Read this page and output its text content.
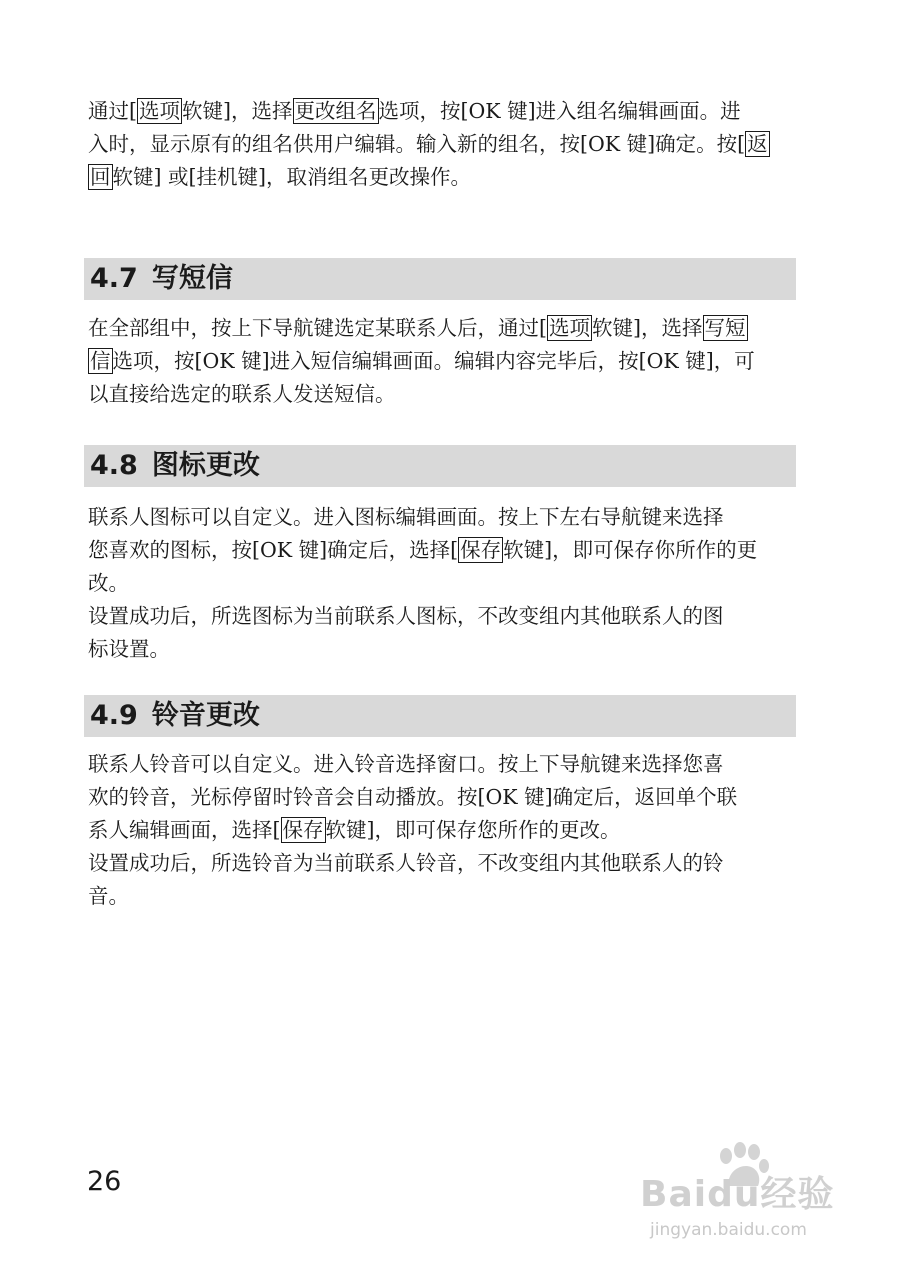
通过[选项软键]，选择更改组名选项，按[OK 键]进入组名编辑画面。进
入时，显示原有的组名供用户编辑。输入新的组名，按[OK 键]确定。按[返
回软键] 或[挂机键]，取消组名更改操作。
4.7 写短信
在全部组中，按上下导航键选定某联系人后，通过[选项软键]，选择写短
信选项，按[OK 键]进入短信编辑画面。编辑内容完毕后，按[OK 键]，可
以直接给选定的联系人发送短信。
4.8 图标更改
联系人图标可以自定义。进入图标编辑画面。按上下左右导航键来选择
您喜欢的图标，按[OK 键]确定后，选择[保存软键]，即可保存你所作的更
改。
设置成功后，所选图标为当前联系人图标，不改变组内其他联系人的图
标设置。
4.9 铃音更改
联系人铃音可以自定义。进入铃音选择窗口。按上下导航键来选择您喜
欢的铃音，光标停留时铃音会自动播放。按[OK 键]确定后，返回单个联
系人编辑画面，选择[保存软键]，即可保存您所作的更改。
设置成功后，所选铃音为当前联系人铃音，不改变组内其他联系人的铃
音。
26	Baidu经验
jingyan.baidu.com
